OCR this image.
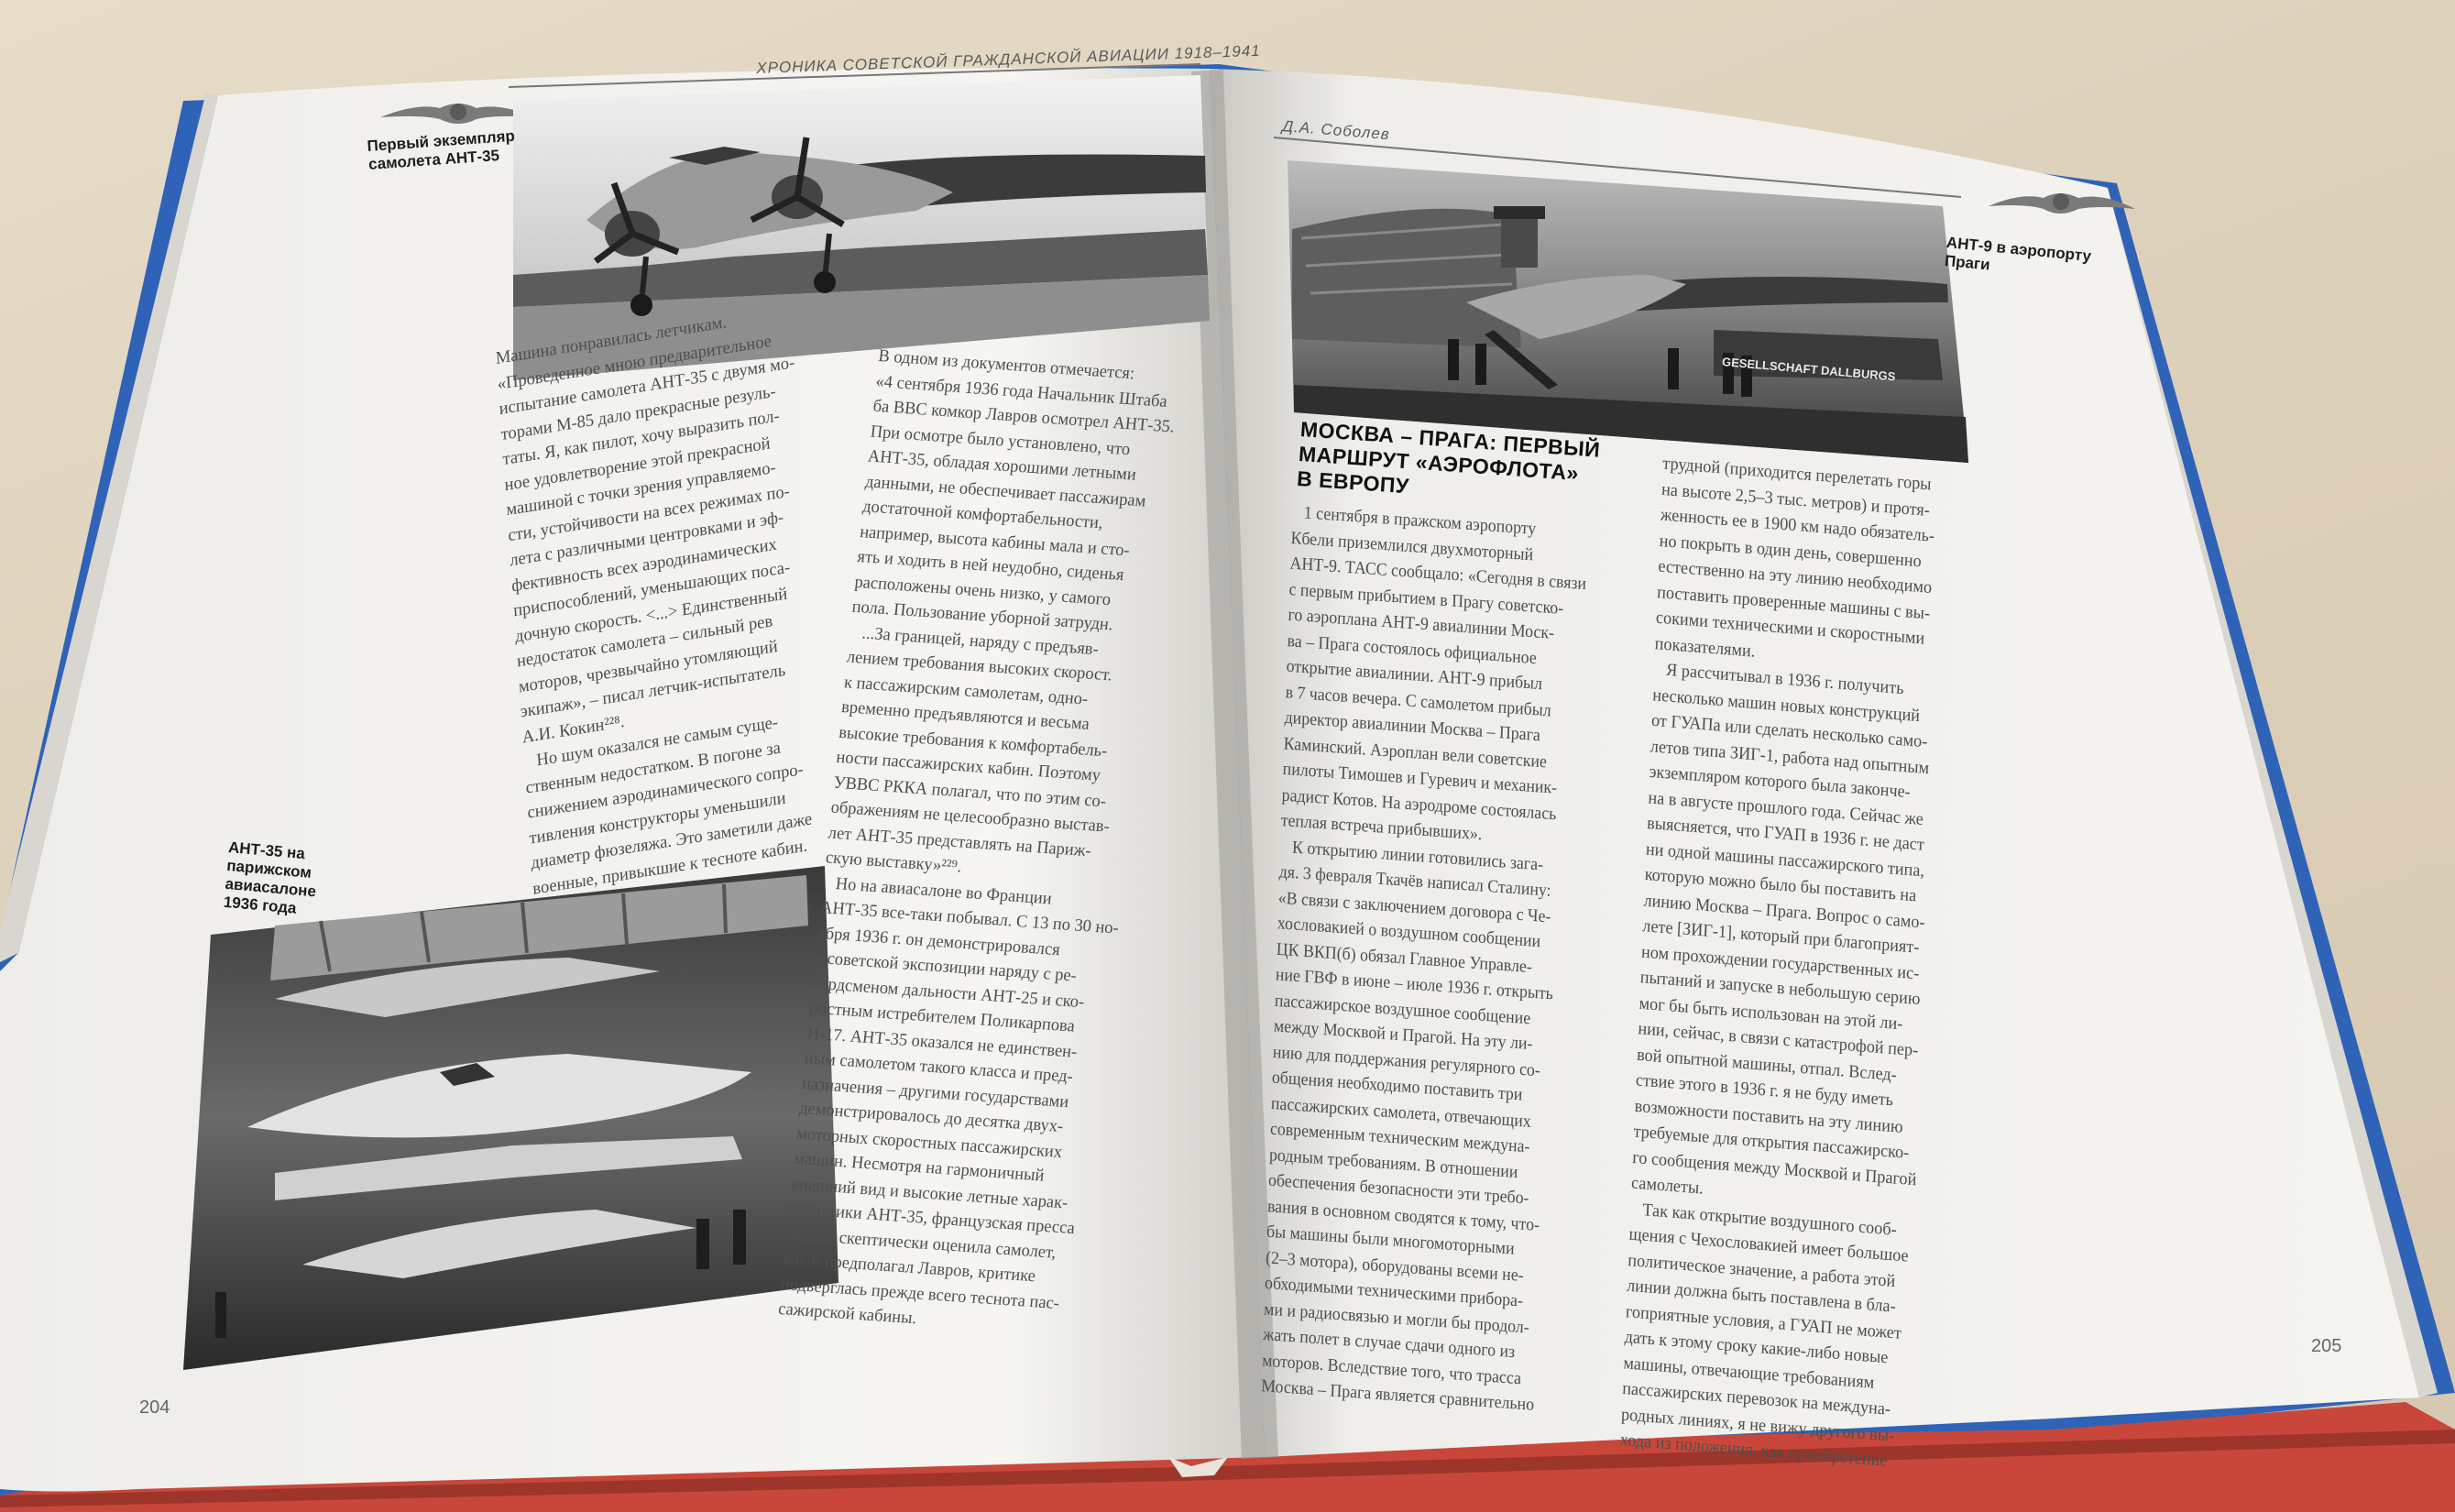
ХРОНИКА СОВЕТСКОЙ ГРАЖДАНСКОЙ АВИАЦИИ 1918–1941
Д.А. Соболев
Первый экземпляр
самолета АНТ-35
АНТ-35 на
парижском
авиасалоне
1936 года
Машина понравилась летчикам.
«Проведенное мною предварительное
испытание самолета АНТ-35 с двумя мо-
торами М-85 дало прекрасные резуль-
таты. Я, как пилот, хочу выразить пол-
ное удовлетворение этой прекрасной
машиной с точки зрения управляемо-
сти, устойчивости на всех режимах по-
лета с различными центровками и эф-
фективность всех аэродинамических
приспособлений, уменьшающих поса-
дочную скорость. <...> Единственный
недостаток самолета – сильный рев
моторов, чрезвычайно утомляющий
экипаж», – писал летчик-испытатель
А.И. Кокин²²⁸.
Но шум оказался не самым суще-
ственным недостатком. В погоне за
снижением аэродинамического сопро-
тивления конструкторы уменьшили
диаметр фюзеляжа. Это заметили даже
военные, привыкшие к тесноте кабин.
В одном из документов отмечается:
«4 сентября 1936 года Начальник Штаба
ба ВВС комкор Лавров осмотрел АНТ-35.
При осмотре было установлено, что
АНТ-35, обладая хорошими летными
данными, не обеспечивает пассажирам
достаточной комфортабельности,
например, высота кабины мала и сто-
ять и ходить в ней неудобно, сиденья
расположены очень низко, у самого
пола. Пользование уборной затрудн.
...За границей, наряду с предъяв-
лением требования высоких скорост.
к пассажирским самолетам, одно-
временно предъявляются и весьма
высокие требования к комфортабель-
ности пассажирских кабин. Поэтому
УВВС РККА полагал, что по этим со-
ображениям не целесообразно выстав-
лет АНТ-35 представлять на Париж-
скую выставку»²²⁹.
Но на авиасалоне во Франции
АНТ-35 все-таки побывал. С 13 по 30 но-
ября 1936 г. он демонстрировался
в советской экспозиции наряду с ре-
кордсменом дальности АНТ-25 и ско-
ростным истребителем Поликарпова
И-17. АНТ-35 оказался не единствен-
ным самолетом такого класса и пред-
назначения – другими государствами
демонстрировалось до десятка двух-
моторных скоростных пассажирских
машин. Несмотря на гармоничный
внешний вид и высокие летные харак-
теристики АНТ-35, французская пресса
весьма скептически оценила самолет,
как и предполагал Лавров, критике
подверглась прежде всего теснота пас-
сажирской кабины.
АНТ-9 в аэропорту
Праги
GESELLSCHAFT DALLBURGS
МОСКВА – ПРАГА: ПЕРВЫЙ
МАРШРУТ «АЭРОФЛОТА»
В ЕВРОПУ
1 сентября в пражском аэропорту
Кбели приземлился двухмоторный
АНТ-9. ТАСС сообщало: «Сегодня в связи
с первым прибытием в Прагу советско-
го аэроплана АНТ-9 авиалинии Моск-
ва – Прага состоялось официальное
открытие авиалинии. АНТ-9 прибыл
в 7 часов вечера. С самолетом прибыл
директор авиалинии Москва – Прага
Каминский. Аэроплан вели советские
пилоты Тимошев и Гуревич и механик-
радист Котов. На аэродроме состоялась
теплая встреча прибывших».
К открытию линии готовились зага-
дя. 3 февраля Ткачёв написал Сталину:
«В связи с заключением договора с Че-
хословакией о воздушном сообщении
ЦК ВКП(б) обязал Главное Управле-
ние ГВФ в июне – июле 1936 г. открыть
пассажирское воздушное сообщение
между Москвой и Прагой. На эту ли-
нию для поддержания регулярного со-
общения необходимо поставить три
пассажирских самолета, отвечающих
современным техническим междуна-
родным требованиям. В отношении
обеспечения безопасности эти требо-
вания в основном сводятся к тому, что-
бы машины были многомоторными
(2–3 мотора), оборудованы всеми не-
обходимыми техническими прибора-
ми и радиосвязью и могли бы продол-
жать полет в случае сдачи одного из
моторов. Вследствие того, что трасса
Москва – Прага является сравнительно
трудной (приходится перелетать горы
на высоте 2,5–3 тыс. метров) и протя-
женность ее в 1900 км надо обязатель-
но покрыть в один день, совершенно
естественно на эту линию необходимо
поставить проверенные машины с вы-
сокими техническими и скоростными
показателями.
Я рассчитывал в 1936 г. получить
несколько машин новых конструкций
от ГУАПа или сделать несколько само-
летов типа ЗИГ-1, работа над опытным
экземпляром которого была законче-
на в августе прошлого года. Сейчас же
выясняется, что ГУАП в 1936 г. не даст
ни одной машины пассажирского типа,
которую можно было бы поставить на
линию Москва – Прага. Вопрос о само-
лете [ЗИГ-1], который при благоприят-
ном прохождении государственных ис-
пытаний и запуске в небольшую серию
мог бы быть использован на этой ли-
нии, сейчас, в связи с катастрофой пер-
вой опытной машины, отпал. Вслед-
ствие этого в 1936 г. я не буду иметь
возможности поставить на эту линию
требуемые для открытия пассажирско-
го сообщения между Москвой и Прагой
самолеты.
Так как открытие воздушного сооб-
щения с Чехословакией имеет большое
политическое значение, а работа этой
линии должна быть поставлена в бла-
гоприятные условия, а ГУАП не может
дать к этому сроку какие-либо новые
машины, отвечающие требованиям
пассажирских перевозок на междуна-
родных линиях, я не вижу другого вы-
хода из положения, как приобретение
204
205
